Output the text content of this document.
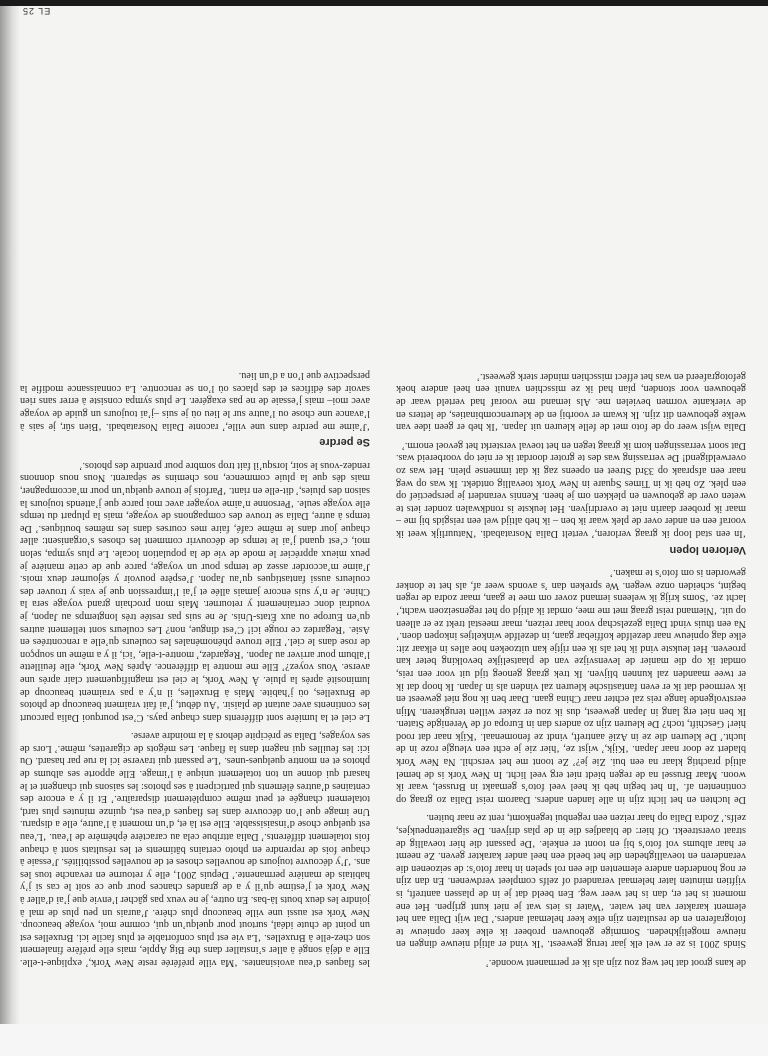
de kans groot dat het weg zou zijn als ik er permanent woonde.’

Sinds 2001 is ze er wel elk jaar terug geweest. ‘Ik vind er altijd nieuwe dingen en nieuwe mogelijkheden. Sommige gebouwen probeer ik elke keer opnieuw te fotograferen en de resultaten zijn elke keer helemaal anders.’ Dat wijt Dalia aan het element karakter van het water. ‘Water is iets wat je niet kunt grijpen. Het ene moment is het er, dan is het weer weg. Een beeld dat je in de plassen aantreft, is vijftien minuten later helemaal veranderd of zelfs compleet verdwenen. En dan zijn er nog honderden andere elementen die een rol spelen in haar foto’s: de seizoenen die veranderen en toevalligheden die het beeld een heel ander karakter geven. Ze neemt er haar albums vol foto’s bij en toont er enkele. ‘De passant die hier toevallig de straat overstreekt. Of hier: de blaadjes die in de plas drijven. De sigarettenpeukjes, zelfs.’ Zodra Dalia op haar reizen een regenbui tegenkomt, rent ze naar buiten.

De luchten en het licht zijn in alle landen anders. Daarom reist Dalia zo graag op continenten af. ‘In het begin heb ik heel veel foto’s gemaakt in Brussel, waar ik woon. Maar Brussel na de regen biedt niet erg veel licht. In New York is de hemel altijd prachtig klaar na een bui. Zie je?’ Ze toont me het verschil. Na New York bladert ze door naar Japan. ‘Kijk,’ wijst ze, ‘hier zie je echt een vleugje roze in de lucht.’ De kleuren die ze in Azië aantreft, vindt ze fenomenaal. ‘Kijk naar dat rood hier! Geschift, toch? De kleuren zijn zo anders dan in Europa of de Verenigde Staten. Ik ben niet erg lang in Japan geweest, dus ik zou er zeker willen terugkeren. Mijn eerstvolgende lange reis zal echter naar China gaan. Daar ben ik nog niet geweest en ik vermoed dat ik er even fantastische kleuren zal vinden als in Japan. Ik hoop dat ik er twee maanden zal kunnen blijven. Ik trek graag genoeg tijd uit voor een reis, omdat ik op die manier de levensvijze van de plaatselijke bevolking beter kan proeven. Het leukste vind ik het als ik een rijtje kan uitzoeken hoe alles in elkaar zit: elke dag opnieuw naar dezelfde koffiebar gaan, in dezelfde winkeltjes inkopen doen.’ Na een thuis vindt Dalia gezelschap voor haar reizen, maar meestal trekt ze er alleen op uit. ‘Niemand reist graag met me mee, omdat ik altijd op het regenseizoen wacht,’ lacht ze. ‘Soms krijg ik weleens iemand zover om mee te gaan, maar zodra de regen begint, scheiden onze wegen. We spreken dan ’s avonds weer af, als het te donker geworden is om foto’s te maken.’

Verloren lopen

‘In een stad loop ik graag verloren,’ vertelt Dalia Nosratabadi. ‘Natuurlijk weet ik vooraf een en ander over de plek waar ik ben – ik heb altijd wel een reisgids bij me – maar ik probeer daarin niet te overdrijven. Het leukste is rondkwalen zonder iets te weten over de gebouwen en plekken om je heen. Kennis verandert je perspectief op een plek. Zo heb ik in Times Square in New York toevallig ontdekt. Ik was op weg naar een afspraak op 33rd Street en opeens zag ik dat immense plein. Het was zo overweldigend! De verrassing was des te groter doordat ik er niet op voorbereid was. Dat soort verrassingen kom ik graag tegen en het toeval versterkt het gevoel enorm.’

Dalia wijst weer op de foto met de felle kleuren uit Japan. ‘Ik heb er geen idee van welke gebouwen dit zijn. Ik kwam er voorbij en de kleurencombinaties, de letters en de vierkante vormen bevielen me. Als iemand me vooraf had verteld waar de gebouwen voor stonden, pían had ik ze misschien vanuit een heel andere hoek gefotografeerd en was het effect misschien minder sterk geweest.’

les flaques d’eau avoisinantes. ‘Ma ville préférée reste New York,’ explique-t-elle. Elle a déjà songé à aller s’installer dans the Big Apple, mais elle préfère finalement son chez-elle à Bruxelles. ‘La vie est plus confortable et plus facile ici. Bruxelles est un point de chute idéal, surtout pour quelqu’un qui, comme moi, voyage beaucoup. New York est aussi une ville beaucoup plus chère. J’aurais un peu plus de mal à joindre les deux bouts là-bas. En outre, je ne veux pas gâcher l’envie que j’ai d’aller à New York et j’estime qu’il y a de grandes chances pour que ce soit le cas si j’y habitais de manière permanente.’ Depuis 2001, elle y retourne en revanche tous les ans. ‘J’y découvre toujours de nouvelles choses et de nouvelles possibilités. J’essaie à chaque fois de reprendre en photo certains bâtiments et les résultats sont à chaque fois totalement différents.’ Dalia attribue cela au caractère éphémère de l’eau. ‘L’eau est quelque chose d’insaisissable. Elle est là et, d’un moment à l’autre, elle a disparu. Une image que l’on découvre dans les flaques d’eau est, quinze minutes plus tard, totalement changée et peut même complètement disparaître.’ Et il y a encore des centaines d’autres éléments qui participent à ses photos: les saisons qui changent et le hasard qui donne un ton totalement unique à l’image. Elle apporte ses albums de photos et en montre quelques-unes. ‘Le passant qui traverse ici la rue par hasard. Ou ici: les feuilles qui nagent dans la flaque. Les mégots de cigarettes, même.’ Lors de ses voyages, Dalia se précipite dehors à la moindre averse.

Le ciel et la lumière sont différents dans chaque pays. C’est pourquoi Dalia parcourt les continents avec autant de plaisir. ‘Au début, j’ai fait vraiment beaucoup de photos de Bruxelles, où j’habite. Mais à Bruxelles, il n’y a pas vraiment beaucoup de luminosité après la pluie. À New York, le ciel est magnifiquement clair après une averse. Vous voyez?’ Elle me montre la différence. Après New York, elle feuillette l’album pour arriver au Japon. ‘Regardez,’ montre-t-elle, ‘ici, il y a même un soupçon de rose dans le ciel.’ Elle trouve phénoménales les couleurs qu’elle a rencontrées en Asie. ‘Regardez ce rouge ici! C’est dingue, non? Les couleurs sont tellement autres qu’en Europe ou aux États-Unis. Je ne suis pas restée très longtemps au Japon, je voudrai donc certainement y retourner. Mais mon prochain grand voyage sera la Chine. Je n’y suis encore jamais allée et j’ai l’impression que je vais y trouver des couleurs aussi fantastiques qu’au Japon. J’espère pouvoir y séjourner deux mois. J’aime m’accorder assez de temps pour un voyage, parce que de cette manière je peux mieux apprécier le mode de vie de la population locale. Le plus sympa, selon moi, c’est quand j’ai le temps de découvrir comment les choses s’organisent: aller chaque jour dans le même café, faire mes courses dans les mêmes boutiques.’ De temps à autre, Dalia se trouve des compagnons de voyage, mais la plupart du temps elle voyage seule. ‘Personne n’aime voyager avec moi parce que j’attends toujours la saison des pluies,’ dit-elle en riant. ‘Parfois je trouve quelqu’un pour m’accompagner, mais dès que la pluie commence, nos chemins se séparent. Nous nous donnons rendez-vous le soir, lorsqu’il fait trop sombre pour prendre des photos.’

Se perdre

‘J’aime me perdre dans une ville,’ raconte Dalia Nosratabadi. ‘Bien sûr, je sais à l’avance une chose ou l’autre sur le lieu où je suis –j’ai toujours un guide de voyage avec moi– mais j’essaie de ne pas exagérer. Le plus sympa consiste à errer sans rien savoir des édifices et des places où l’on se rencontre. La connaissance modifie la perspective que l’on a d’un lieu.

EL 25
